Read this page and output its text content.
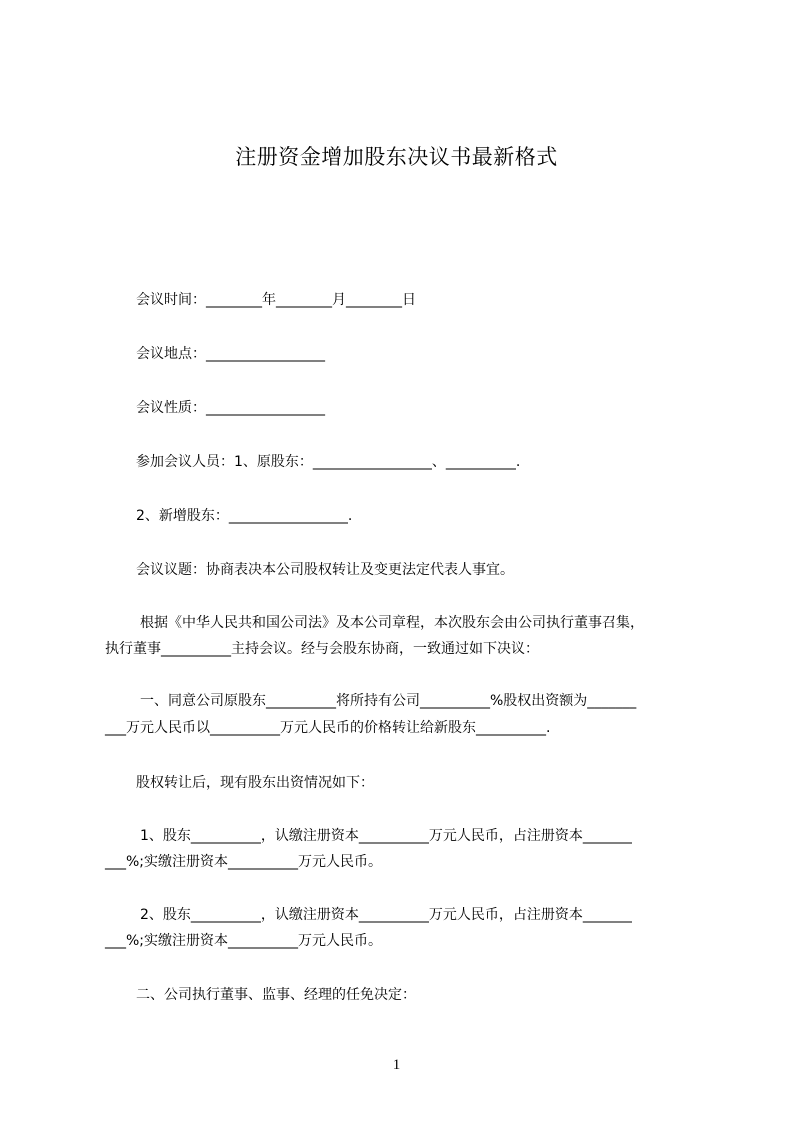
注册资金增加股东决议书最新格式
会议时间：________年________月________日
会议地点：_________________
会议性质：_________________
参加会议人员：1、原股东：_________________、__________.
2、新增股东：_________________.
会议议题：协商表决本公司股权转让及变更法定代表人事宜。
根据《中华人民共和国公司法》及本公司章程，本次股东会由公司执行董事召集，
执行董事__________主持会议。经与会股东协商，一致通过如下决议：
一、同意公司原股东__________将所持有公司__________%股权出资额为_______
___万元人民币以__________万元人民币的价格转让给新股东__________.
股权转让后，现有股东出资情况如下：
1、股东__________，认缴注册资本__________万元人民币，占注册资本_______
___%;实缴注册资本__________万元人民币。
2、股东__________，认缴注册资本__________万元人民币，占注册资本_______
___%;实缴注册资本__________万元人民币。
二、公司执行董事、监事、经理的任免决定：
1
